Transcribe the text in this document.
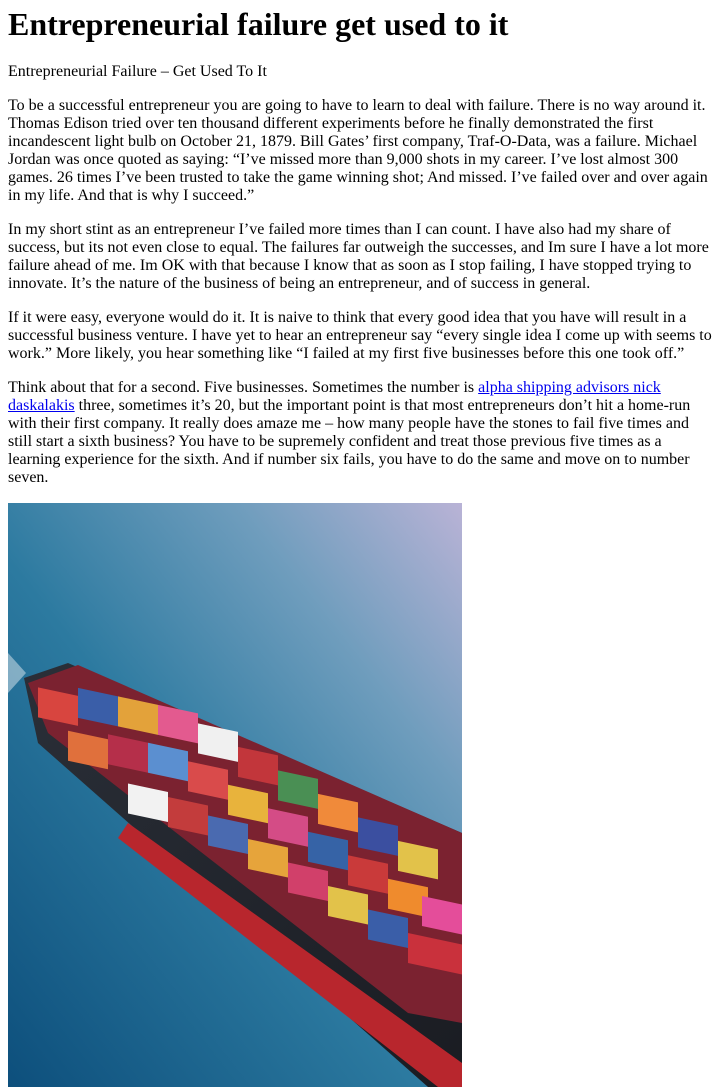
Entrepreneurial failure get used to it

Entrepreneurial Failure – Get Used To It

To be a successful entrepreneur you are going to have to learn to deal with failure. There is no way around it. Thomas Edison tried over ten thousand different experiments before he finally demonstrated the first incandescent light bulb on October 21, 1879. Bill Gates’ first company, Traf-O-Data, was a failure. Michael Jordan was once quoted as saying: “I’ve missed more than 9,000 shots in my career. I’ve lost almost 300 games. 26 times I’ve been trusted to take the game winning shot; And missed. I’ve failed over and over again in my life. And that is why I succeed.”

In my short stint as an entrepreneur I’ve failed more times than I can count. I have also had my share of success, but its not even close to equal. The failures far outweigh the successes, and Im sure I have a lot more failure ahead of me. Im OK with that because I know that as soon as I stop failing, I have stopped trying to innovate. It’s the nature of the business of being an entrepreneur, and of success in general.

If it were easy, everyone would do it. It is naive to think that every good idea that you have will result in a successful business venture. I have yet to hear an entrepreneur say “every single idea I come up with seems to work.” More likely, you hear something like “I failed at my first five businesses before this one took off.”

Think about that for a second. Five businesses. Sometimes the number is alpha shipping advisors nick daskalakis three, sometimes it’s 20, but the important point is that most entrepreneurs don’t hit a home-run with their first company. It really does amaze me – how many people have the stones to fail five times and still start a sixth business? You have to be supremely confident and treat those previous five times as a learning experience for the sixth. And if number six fails, you have to do the same and move on to number seven.
